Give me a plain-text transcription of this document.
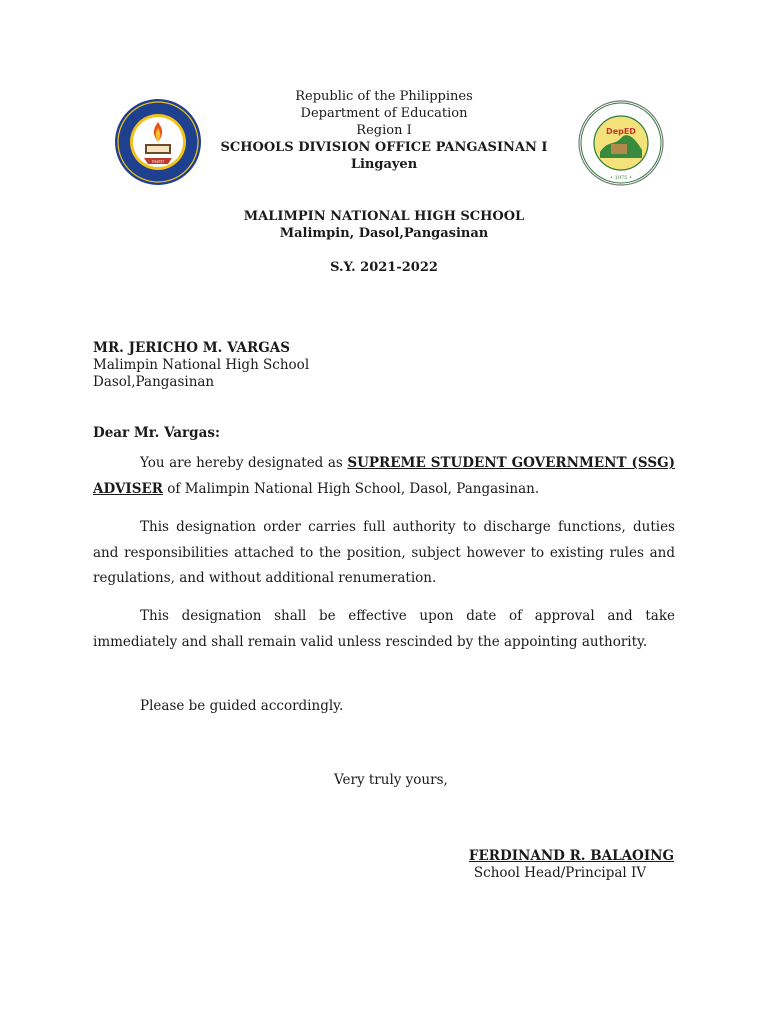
DepED
DepED
• 1975 •
Republic of the Philippines
Department of Education
Region I
SCHOOLS DIVISION OFFICE PANGASINAN I
Lingayen
MALIMPIN NATIONAL HIGH SCHOOL
Malimpin, Dasol,Pangasinan
S.Y. 2021-2022
MR. JERICHO M. VARGAS
Malimpin National High School
Dasol,Pangasinan
Dear Mr. Vargas:
You are hereby designated as SUPREME STUDENT GOVERNMENT (SSG) ADVISER of Malimpin National High School, Dasol, Pangasinan.
This designation order carries full authority to discharge functions, duties and responsibilities attached to the position, subject however to existing rules and regulations, and without additional renumeration.
This designation shall be effective upon date of approval and take immediately and shall remain valid unless rescinded by the appointing authority.
Please be guided accordingly.
Very truly yours,
FERDINAND R. BALAOING
School Head/Principal IV
